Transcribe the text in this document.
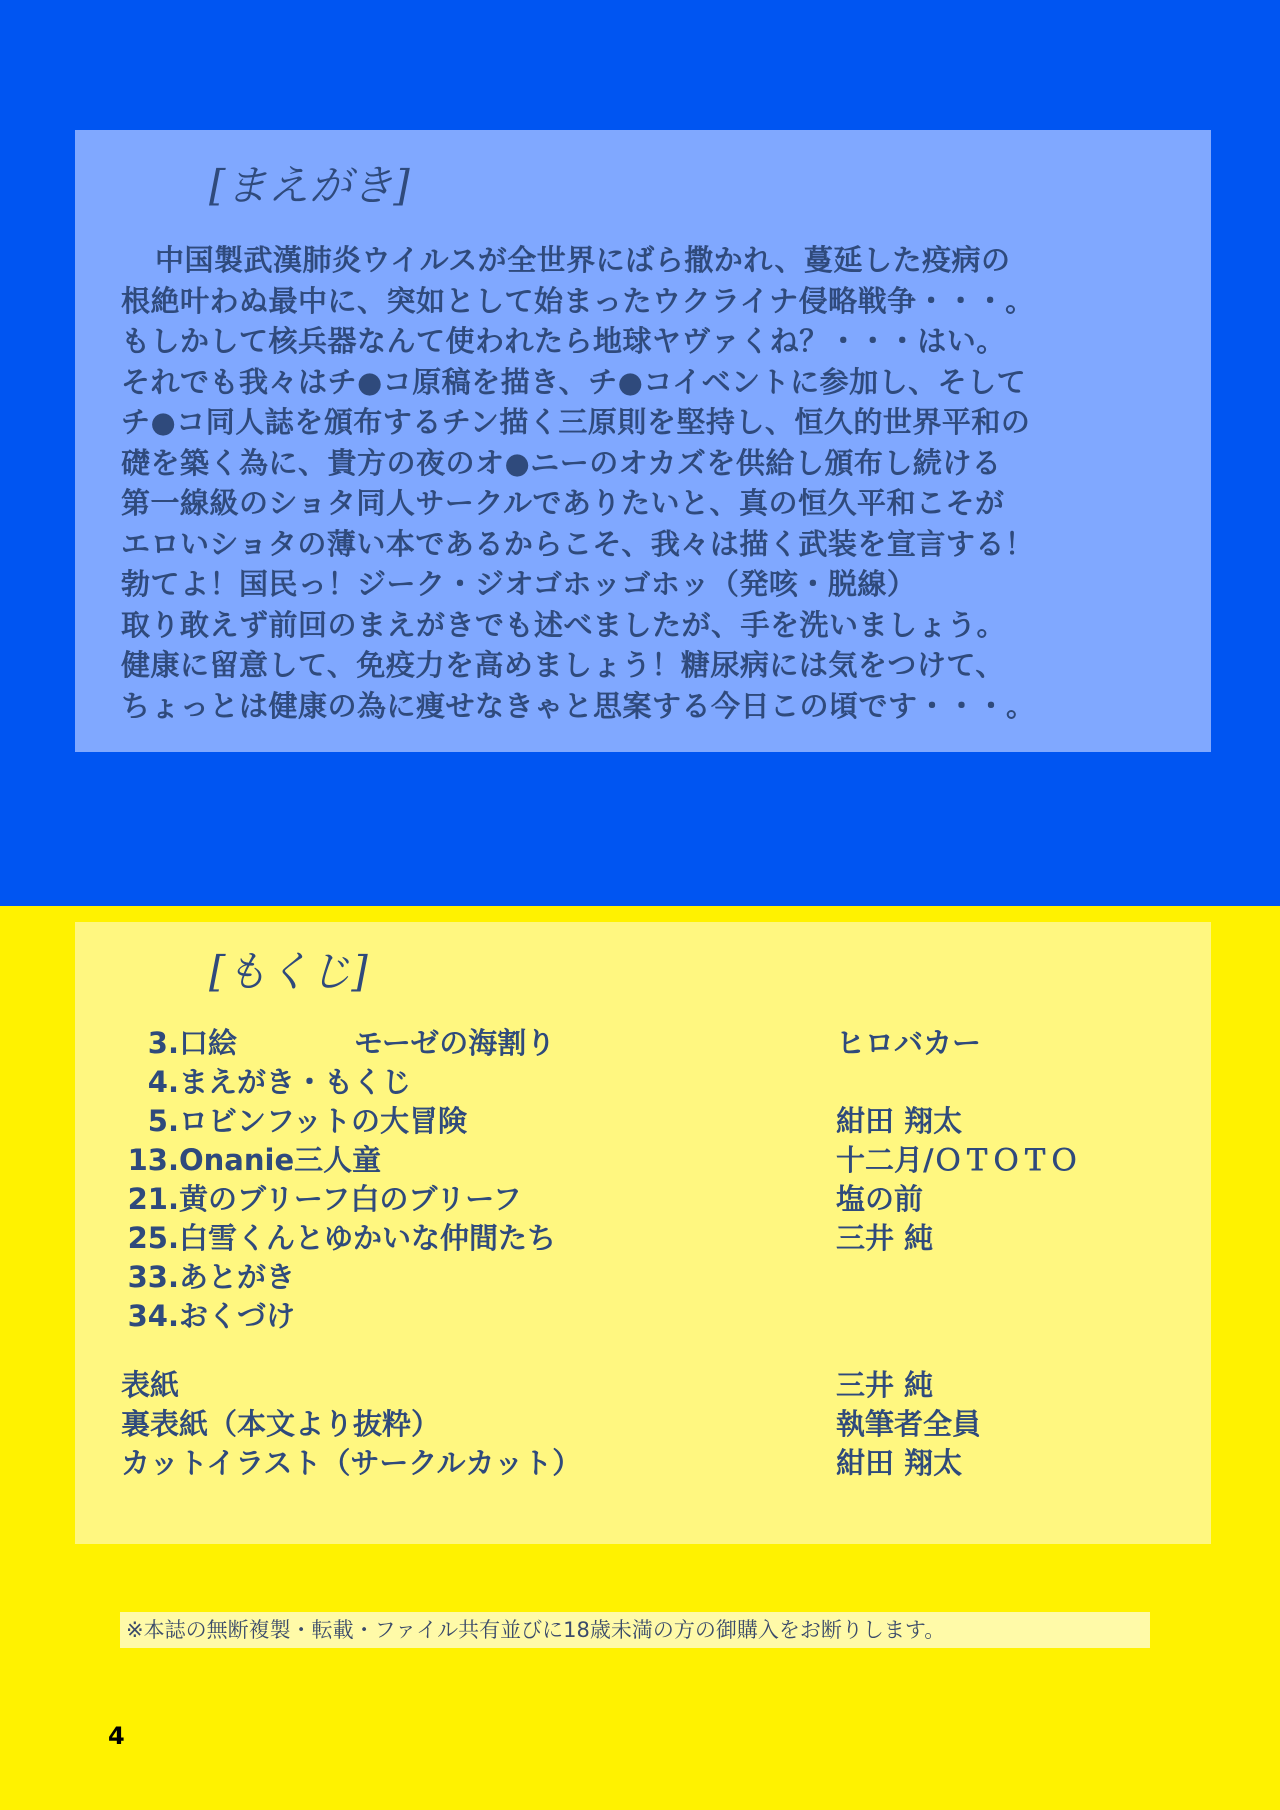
[まえがき]
中国製武漢肺炎ウイルスが全世界にばら撒かれ、蔓延した疫病の
根絶叶わぬ最中に、突如として始まったウクライナ侵略戦争・・・。
もしかして核兵器なんて使われたら地球ヤヴァくね？・・・はい。
それでも我々はチ●コ原稿を描き、チ●コイベントに参加し、そして
チ●コ同人誌を頒布するチン描く三原則を堅持し、恒久的世界平和の
礎を築く為に、貴方の夜のオ●ニーのオカズを供給し頒布し続ける
第一線級のショタ同人サークルでありたいと、真の恒久平和こそが
エロいショタの薄い本であるからこそ、我々は描く武装を宣言する！
勃てよ！国民っ！ジーク・ジオゴホッゴホッ（発咳・脱線）
取り敢えず前回のまえがきでも述べましたが、手を洗いましょう。
健康に留意して、免疫力を高めましょう！糖尿病には気をつけて、
ちょっとは健康の為に痩せなきゃと思案する今日この頃です・・・。
[もくじ]
3. 口絵	モーゼの海割り	ヒロバカー
4. まえがき・もくじ
5. ロビンフットの大冒険	紺田 翔太
13. Onanie三人童	十二月/ＯＴＯＴＯ
21. 黄のブリーフ白のブリーフ	塩の前
25. 白雪くんとゆかいな仲間たち	三井 純
33. あとがき
34. おくづけ
表紙	三井 純
裏表紙（本文より抜粋）	執筆者全員
カットイラスト（サークルカット）	紺田 翔太
※本誌の無断複製・転載・ファイル共有並びに18歳未満の方の御購入をお断りします。
4
